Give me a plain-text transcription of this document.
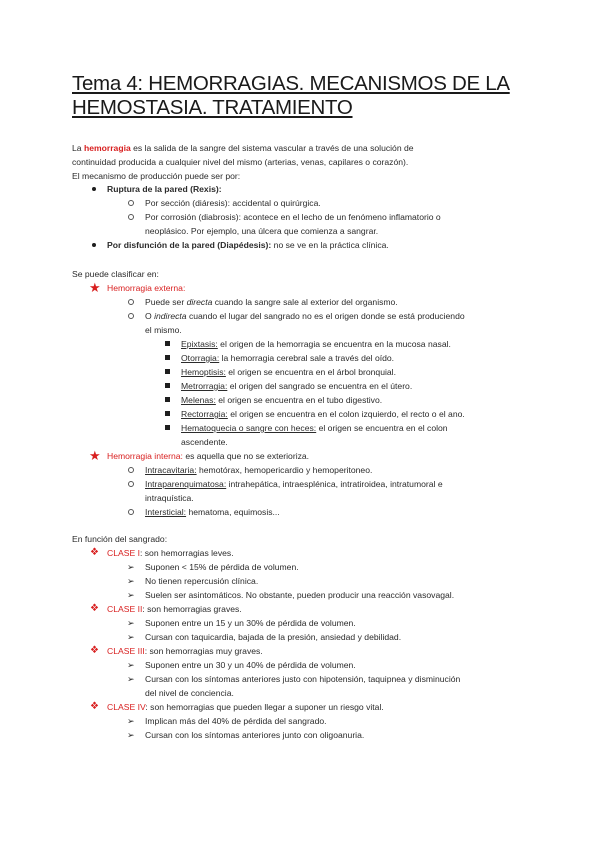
Tema 4: HEMORRAGIAS. MECANISMOS DE LA
HEMOSTASIA. TRATAMIENTO
La hemorragia es la salida de la sangre del sistema vascular a través de una solución de
continuidad producida a cualquier nivel del mismo (arterias, venas, capilares o corazón).
El mecanismo de producción puede ser por:
Ruptura de la pared (Rexis):
Por sección (diáresis): accidental o quirúrgica.
Por corrosión (diabrosis): acontece en el lecho de un fenómeno inflamatorio o
neoplásico. Por ejemplo, una úlcera que comienza a sangrar.
Por disfunción de la pared (Diapédesis): no se ve en la práctica clínica.
Se puede clasificar en:
★ Hemorragia externa:
Puede ser directa cuando la sangre sale al exterior del organismo.
O indirecta cuando el lugar del sangrado no es el origen donde se está produciendo
el mismo.
Epixtasis: el origen de la hemorragia se encuentra en la mucosa nasal.
Otorragia: la hemorragia cerebral sale a través del oído.
Hemoptisis: el origen se encuentra en el árbol bronquial.
Metrorragia: el origen del sangrado se encuentra en el útero.
Melenas: el origen se encuentra en el tubo digestivo.
Rectorragia: el origen se encuentra en el colon izquierdo, el recto o el ano.
Hematoquecia o sangre con heces: el origen se encuentra en el colon
ascendente.
★ Hemorragia interna: es aquella que no se exterioriza.
Intracavitaria: hemotórax, hemopericardio y hemoperitoneo.
Intraparenquimatosa: intrahepática, intraesplénica, intratiroidea, intratumoral e
intraquística.
Intersticial: hematoma, equimosis...
En función del sangrado:
❖ CLASE I: son hemorragias leves.
➢ Suponen < 15% de pérdida de volumen.
➢ No tienen repercusión clínica.
➢ Suelen ser asintomáticos. No obstante, pueden producir una reacción vasovagal.
❖ CLASE II: son hemorragias graves.
➢ Suponen entre un 15 y un 30% de pérdida de volumen.
➢ Cursan con taquicardia, bajada de la presión, ansiedad y debilidad.
❖ CLASE III: son hemorragias muy graves.
➢ Suponen entre un 30 y un 40% de pérdida de volumen.
➢ Cursan con los síntomas anteriores justo con hipotensión, taquipnea y disminución
del nivel de conciencia.
❖ CLASE IV: son hemorragias que pueden llegar a suponer un riesgo vital.
➢ Implican más del 40% de pérdida del sangrado.
➢ Cursan con los síntomas anteriores junto con oligoanuria.
